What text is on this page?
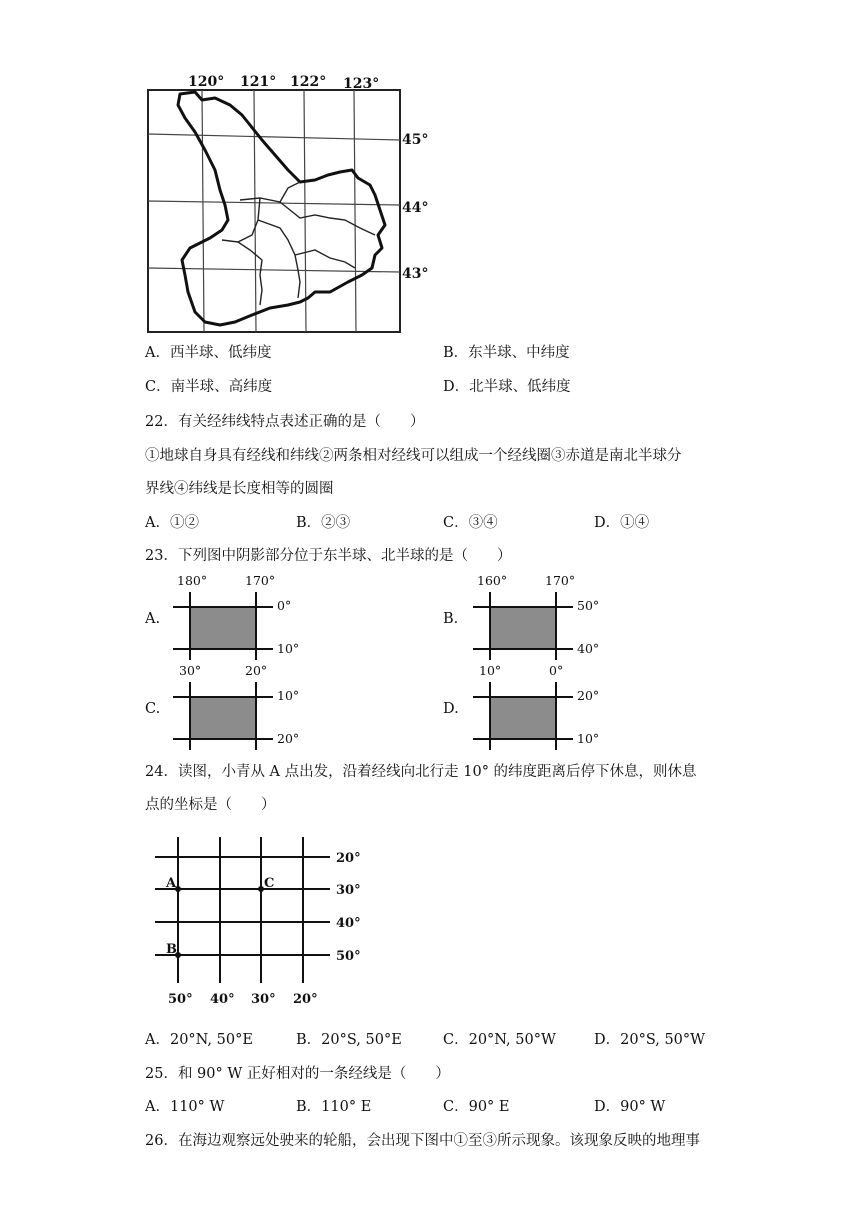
120° 121° 122° 123°
45°
44°
43°
A．西半球、低纬度	B．东半球、中纬度
C．南半球、高纬度	D．北半球、低纬度
22．有关经纬线特点表述正确的是（　　）
①地球自身具有经线和纬线②两条相对经线可以组成一个经线圈③赤道是南北半球分
界线④纬线是长度相等的圆圈
A．①②	B．②③	C．③④	D．①④
23．下列图中阴影部分位于东半球、北半球的是（　　）
A.
180°	170°
0°
10°
B.
160°	170°
50°
40°
C.
30°	20°
10°
20°
D.
10°	0°
20°
10°
24．读图，小青从 A 点出发，沿着经线向北行走 10° 的纬度距离后停下休息，则休息
点的坐标是（　　）
A	C
B
20°
30°
40°
50°
50° 40° 30° 20°
A．20°N, 50°E	B．20°S, 50°E	C．20°N, 50°W	D．20°S, 50°W
25．和 90° W 正好相对的一条经线是（　　）
A．110° W	B．110° E	C．90° E	D．90° W
26．在海边观察远处驶来的轮船，会出现下图中①至③所示现象。该现象反映的地理事
